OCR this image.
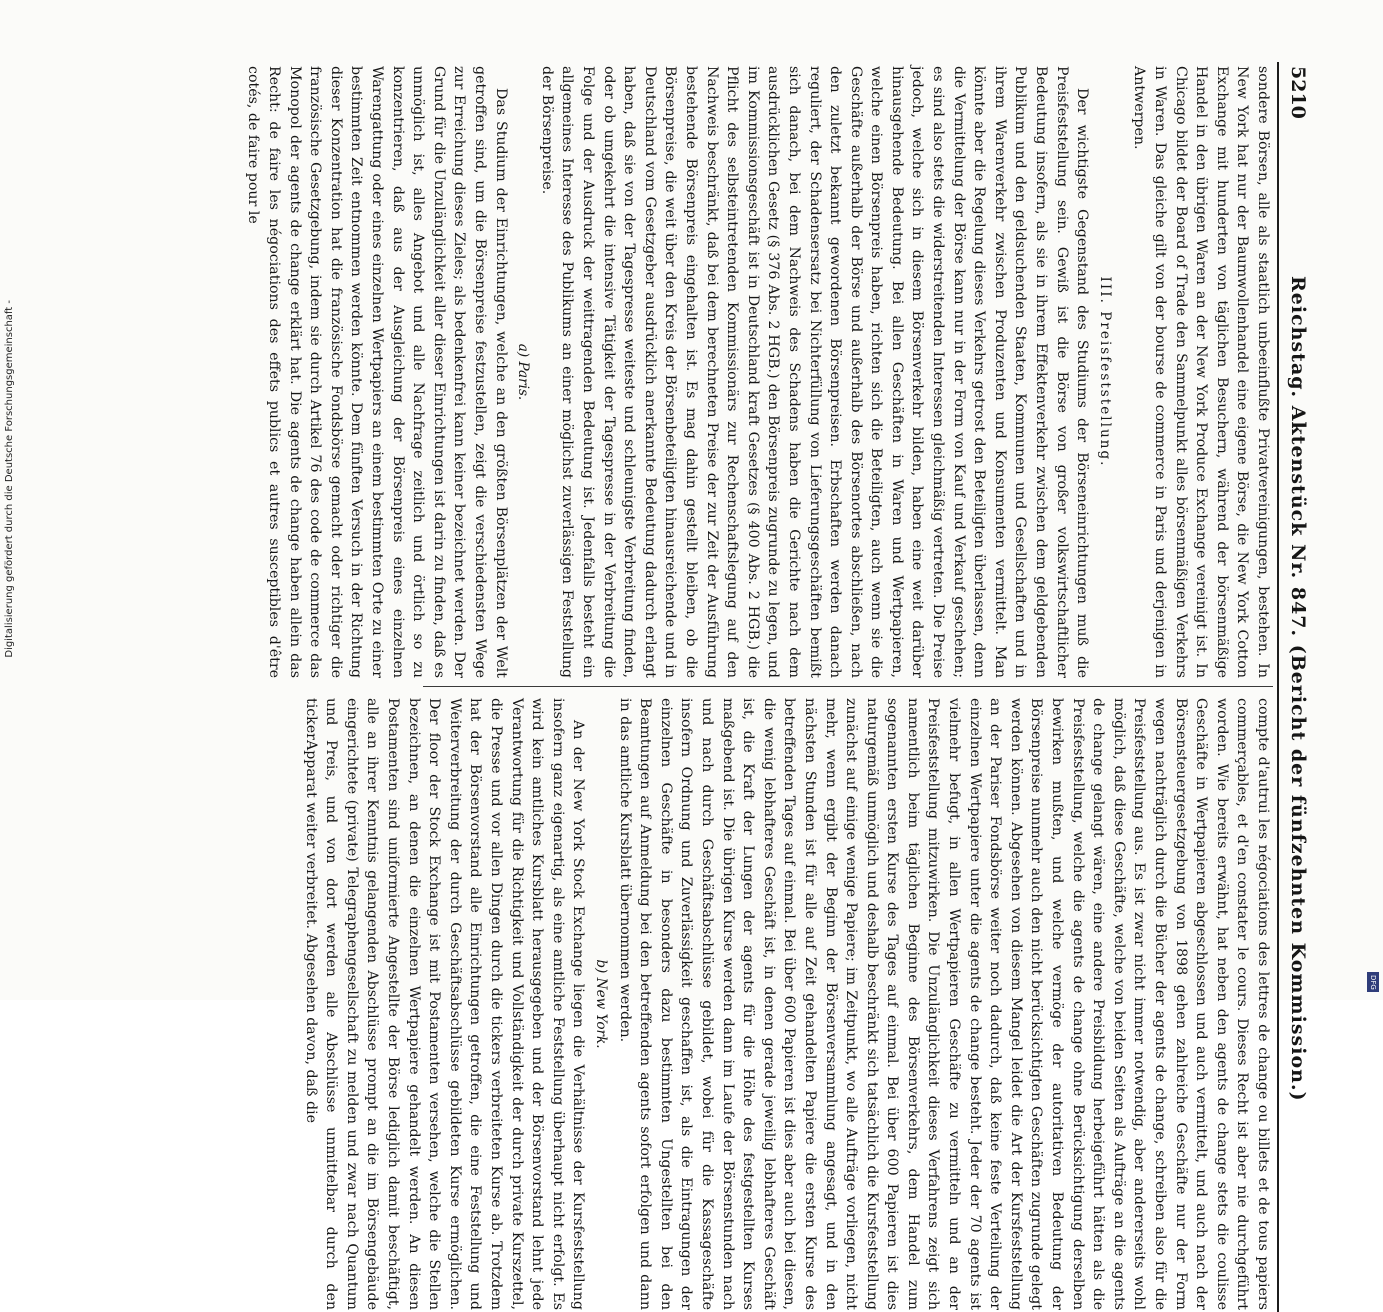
5210
Reichstag. Aktenstück Nr. 847. (Bericht der fünfzehnten Kommission.)

sondere Börsen, alle als staatlich unbeeinflußte Privatvereinigungen, bestehen. In New York hat nur der Baumwollenhandel eine eigene Börse, die New York Cotton Exchange mit hunderten von täglichen Besuchern, während der börsenmäßige Handel in den übrigen Waren an der New York Produce Exchange vereinigt ist. In Chicago bildet der Board of Trade den Sammelpunkt alles börsenmäßigen Verkehrs in Waren. Das gleiche gilt von der bourse de commerce in Paris und derjenigen in Antwerpen.

III. Preisfeststellung.

Der wichtigste Gegenstand des Studiums der Börseneinrichtungen muß die Preisfeststellung sein. Gewiß ist die Börse von großer volkswirtschaftlicher Bedeutung insofern, als sie in ihrem Effektenverkehr zwischen dem geldgebenden Publikum und den geldsuchenden Staaten, Kommunen und Gesellschaften und in ihrem Warenverkehr zwischen Produzenten und Konsumenten vermittelt. Man könnte aber die Regelung dieses Verkehrs getrost den Beteiligten überlassen, denn die Vermittelung der Börse kann nur in der Form von Kauf und Verkauf geschehen; es sind also stets die widerstreitenden Interessen gleichmäßig vertreten. Die Preise jedoch, welche sich in diesem Börsenverkehr bilden, haben eine weit darüber hinausgehende Bedeutung. Bei allen Geschäften in Waren und Wertpapieren, welche einen Börsenpreis haben, richten sich die Beteiligten, auch wenn sie die Geschäfte außerhalb der Börse und außerhalb des Börsenortes abschließen, nach den zuletzt bekannt gewordenen Börsenpreisen. Erbschaften werden danach reguliert, der Schadensersatz bei Nichterfüllung von Lieferungsgeschäften bemißt sich danach, bei dem Nachweis des Schadens haben die Gerichte nach dem ausdrücklichen Gesetz (§ 376 Abs. 2 HGB.) den Börsenpreis zugrunde zu legen, und im Kommissionsgeschäft ist in Deutschland kraft Gesetzes (§ 400 Abs. 2 HGB.) die Pflicht des selbsteintretenden Kommissionärs zur Rechenschaftslegung auf den Nachweis beschränkt, daß bei dem berechneten Preise der zur Zeit der Ausführung bestehende Börsenpreis eingehalten ist. Es mag dahin gestellt bleiben, ob die Börsenpreise, die weit über den Kreis der Börsenbeteiligten hinausreichende und in Deutschland vom Gesetzgeber ausdrücklich anerkannte Bedeutung dadurch erlangt haben, daß sie von der Tagespresse weiteste und schleunigste Verbreitung finden, oder ob umgekehrt die intensive Tätigkeit der Tagespresse in der Verbreitung die Folge und der Ausdruck der weittragenden Bedeutung ist. Jedenfalls besteht ein allgemeines Interesse des Publikums an einer möglichst zuverlässigen Feststellung der Börsenpreise.

a) Paris.

Das Studium der Einrichtungen, welche an den größten Börsenplätzen der Welt getroffen sind, um die Börsenpreise festzustellen, zeigt die verschiedensten Wege zur Erreichung dieses Zieles; als bedenkenfrei kann keiner bezeichnet werden. Der Grund für die Unzulänglichkeit aller dieser Einrichtungen ist darin zu finden, daß es unmöglich ist, alles Angebot und alle Nachfrage zeitlich und örtlich so zu konzentrieren, daß aus der Ausgleichung der Börsenpreis eines einzelnen Warengattung oder eines einzelnen Wertpapiers an einem bestimmten Orte zu einer bestimmten Zeit entnommen werden könnte. Dem fünften Versuch in der Richtung dieser Konzentration hat die französische Fondsbörse gemacht oder richtiger die französische Gesetzgebung, indem sie durch Artikel 76 des code de commerce das Monopol der agents de change erklärt hat. Die agents de change haben allein das Recht: de faire les négociations des effets publics et autres susceptibles d'être cotés, de faire pour le

compte d'autrui les négociations des lettres de change ou billets et de tous papiers commerçables, et d'en constater le cours. Dieses Recht ist aber nie durchgeführt worden. Wie bereits erwähnt, hat neben den agents de change stets die coulisse Geschäfte in Wertpapieren abgeschlossen und auch vermittelt, und auch nach der Börsensteuergesetzgebung von 1898 gehen zahlreiche Geschäfte nur der Form wegen nachträglich durch die Bücher der agents de change, schreiben also für die Preisfeststellung aus. Es ist zwar nicht immer notwendig, aber andererseits wohl möglich, daß diese Geschäfte, welche von beiden Seiten als Aufträge an die agents de change gelangt wären, eine andere Preisbildung herbeigeführt hätten als die Preisfeststellung, welche die agents de change ohne Berücksichtigung derselben bewirken mußten, und welche vermöge der autoritativen Bedeutung der Börsenpreise nunmehr auch den nicht berücksichtigten Geschäften zugrunde gelegt werden können. Abgesehen von diesem Mangel leidet die Art der Kursfeststellung an der Pariser Fondsbörse weiter noch dadurch, daß keine feste Verteilung der einzelnen Wertpapiere unter die agents de change besteht. Jeder der 70 agents ist vielmehr befugt, in allen Wertpapieren Geschäfte zu vermitteln und an der Preisfeststellung mitzuwirken. Die Unzulänglichkeit dieses Verfahrens zeigt sich namentlich beim täglichen Beginne des Börsenverkehrs, dem Handel zum sogenannten ersten Kurse des Tages auf einmal. Bei über 600 Papieren ist dies naturgemäß unmöglich und deshalb beschränkt sich tatsächlich die Kursfeststellung zunächst auf einige wenige Papiere; im Zeitpunkt, wo alle Aufträge vorliegen, nicht mehr, wenn ergibt der Beginn der Börsenversammlung angesagt, und in den nächsten Stunden ist für alle auf Zeit gehandelten Papiere die ersten Kurse des betreffenden Tages auf einmal. Bei über 600 Papieren ist dies aber auch bei diesen, die wenig lebhafteres Geschäft ist, in denen gerade jeweilig lebhafteres Geschäft ist, die Kraft der Lungen der agents für die Höhe des festgestellten Kurses maßgebend ist. Die übrigen Kurse werden dann im Laufe der Börsenstunden nach und nach durch Geschäftsabschlüsse gebildet, wobei für die Kassageschäfte insofern Ordnung und Zuverlässigkeit geschaffen ist, als die Eintragungen der einzelnen Geschäfte in besonders dazu bestimmten Ungestellten bei den Beamtungen auf Anmeldung bei den betreffenden agents sofort erfolgen und dann in das amtliche Kursblatt übernommen werden.

b) New York.

An der New York Stock Exchange liegen die Verhältnisse der Kursfeststellung insofern ganz eigenartig, als eine amtliche Feststellung überhaupt nicht erfolgt. Es wird kein amtliches Kursblatt herausgegeben und der Börsenvorstand lehnt jede Verantwortung für die Richtigkeit und Vollständigkeit der durch private Kurszettel, die Presse und vor allen Dingen durch die tickers verbreiteten Kurse ab. Trotzdem hat der Börsenvorstand alle Einrichtungen getroffen, die eine Feststellung und Weiterverbreitung der durch Geschäftsabschlüsse gebildeten Kurse ermöglichen. Der floor der Stock Exchange ist mit Postamenten versehen, welche die Stellen bezeichnen, an denen die einzelnen Wertpapiere gehandelt werden. An diesen Postamenten sind uniformierte Angestellte der Börse lediglich damit beschäftigt, alle an ihrer Kenntnis gelangenden Abschlüsse prompt an die im Börsengebäude eingerichtete (private) Telegraphengesellschaft zu melden und zwar nach Quantum und Preis, und von dort werden alle Abschlüsse unmittelbar durch den tickerApparat weiter verbreitet. Abgesehen davon, daß die

Digitalisierung gefördert durch die Deutsche Forschungsgemeinschaft -
DFG
